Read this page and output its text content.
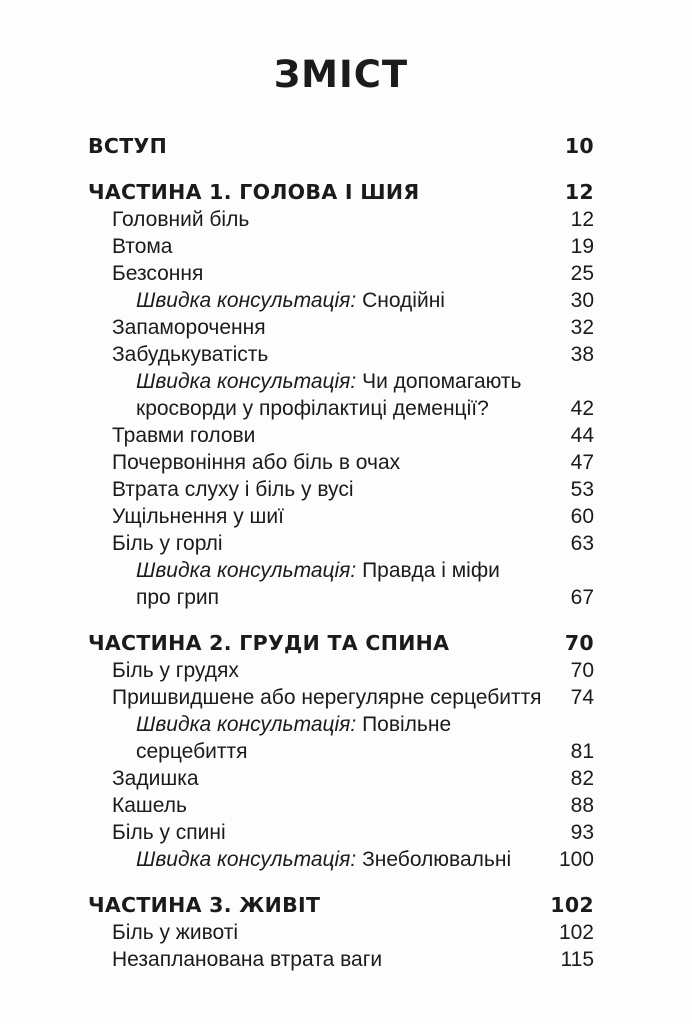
ЗМІСТ
ВСТУП	10
ЧАСТИНА 1. ГОЛОВА І ШИЯ	12
Головний біль	12
Втома	19
Безсоння	25
Швидка консультація: Снодійні	30
Запаморочення	32
Забудькуватість	38
Швидка консультація: Чи допомагають
кросворди у профілактиці деменції?	42
Травми голови	44
Почервоніння або біль в очах	47
Втрата слуху і біль у вусі	53
Ущільнення у шиї	60
Біль у горлі	63
Швидка консультація: Правда і міфи
про грип	67
ЧАСТИНА 2. ГРУДИ ТА СПИНА	70
Біль у грудях	70
Пришвидшене або нерегулярне серцебиття	74
Швидка консультація: Повільне серцебиття	81
Задишка	82
Кашель	88
Біль у спині	93
Швидка консультація: Знеболювальні	100
ЧАСТИНА 3. ЖИВІТ	102
Біль у животі	102
Незапланована втрата ваги	115
